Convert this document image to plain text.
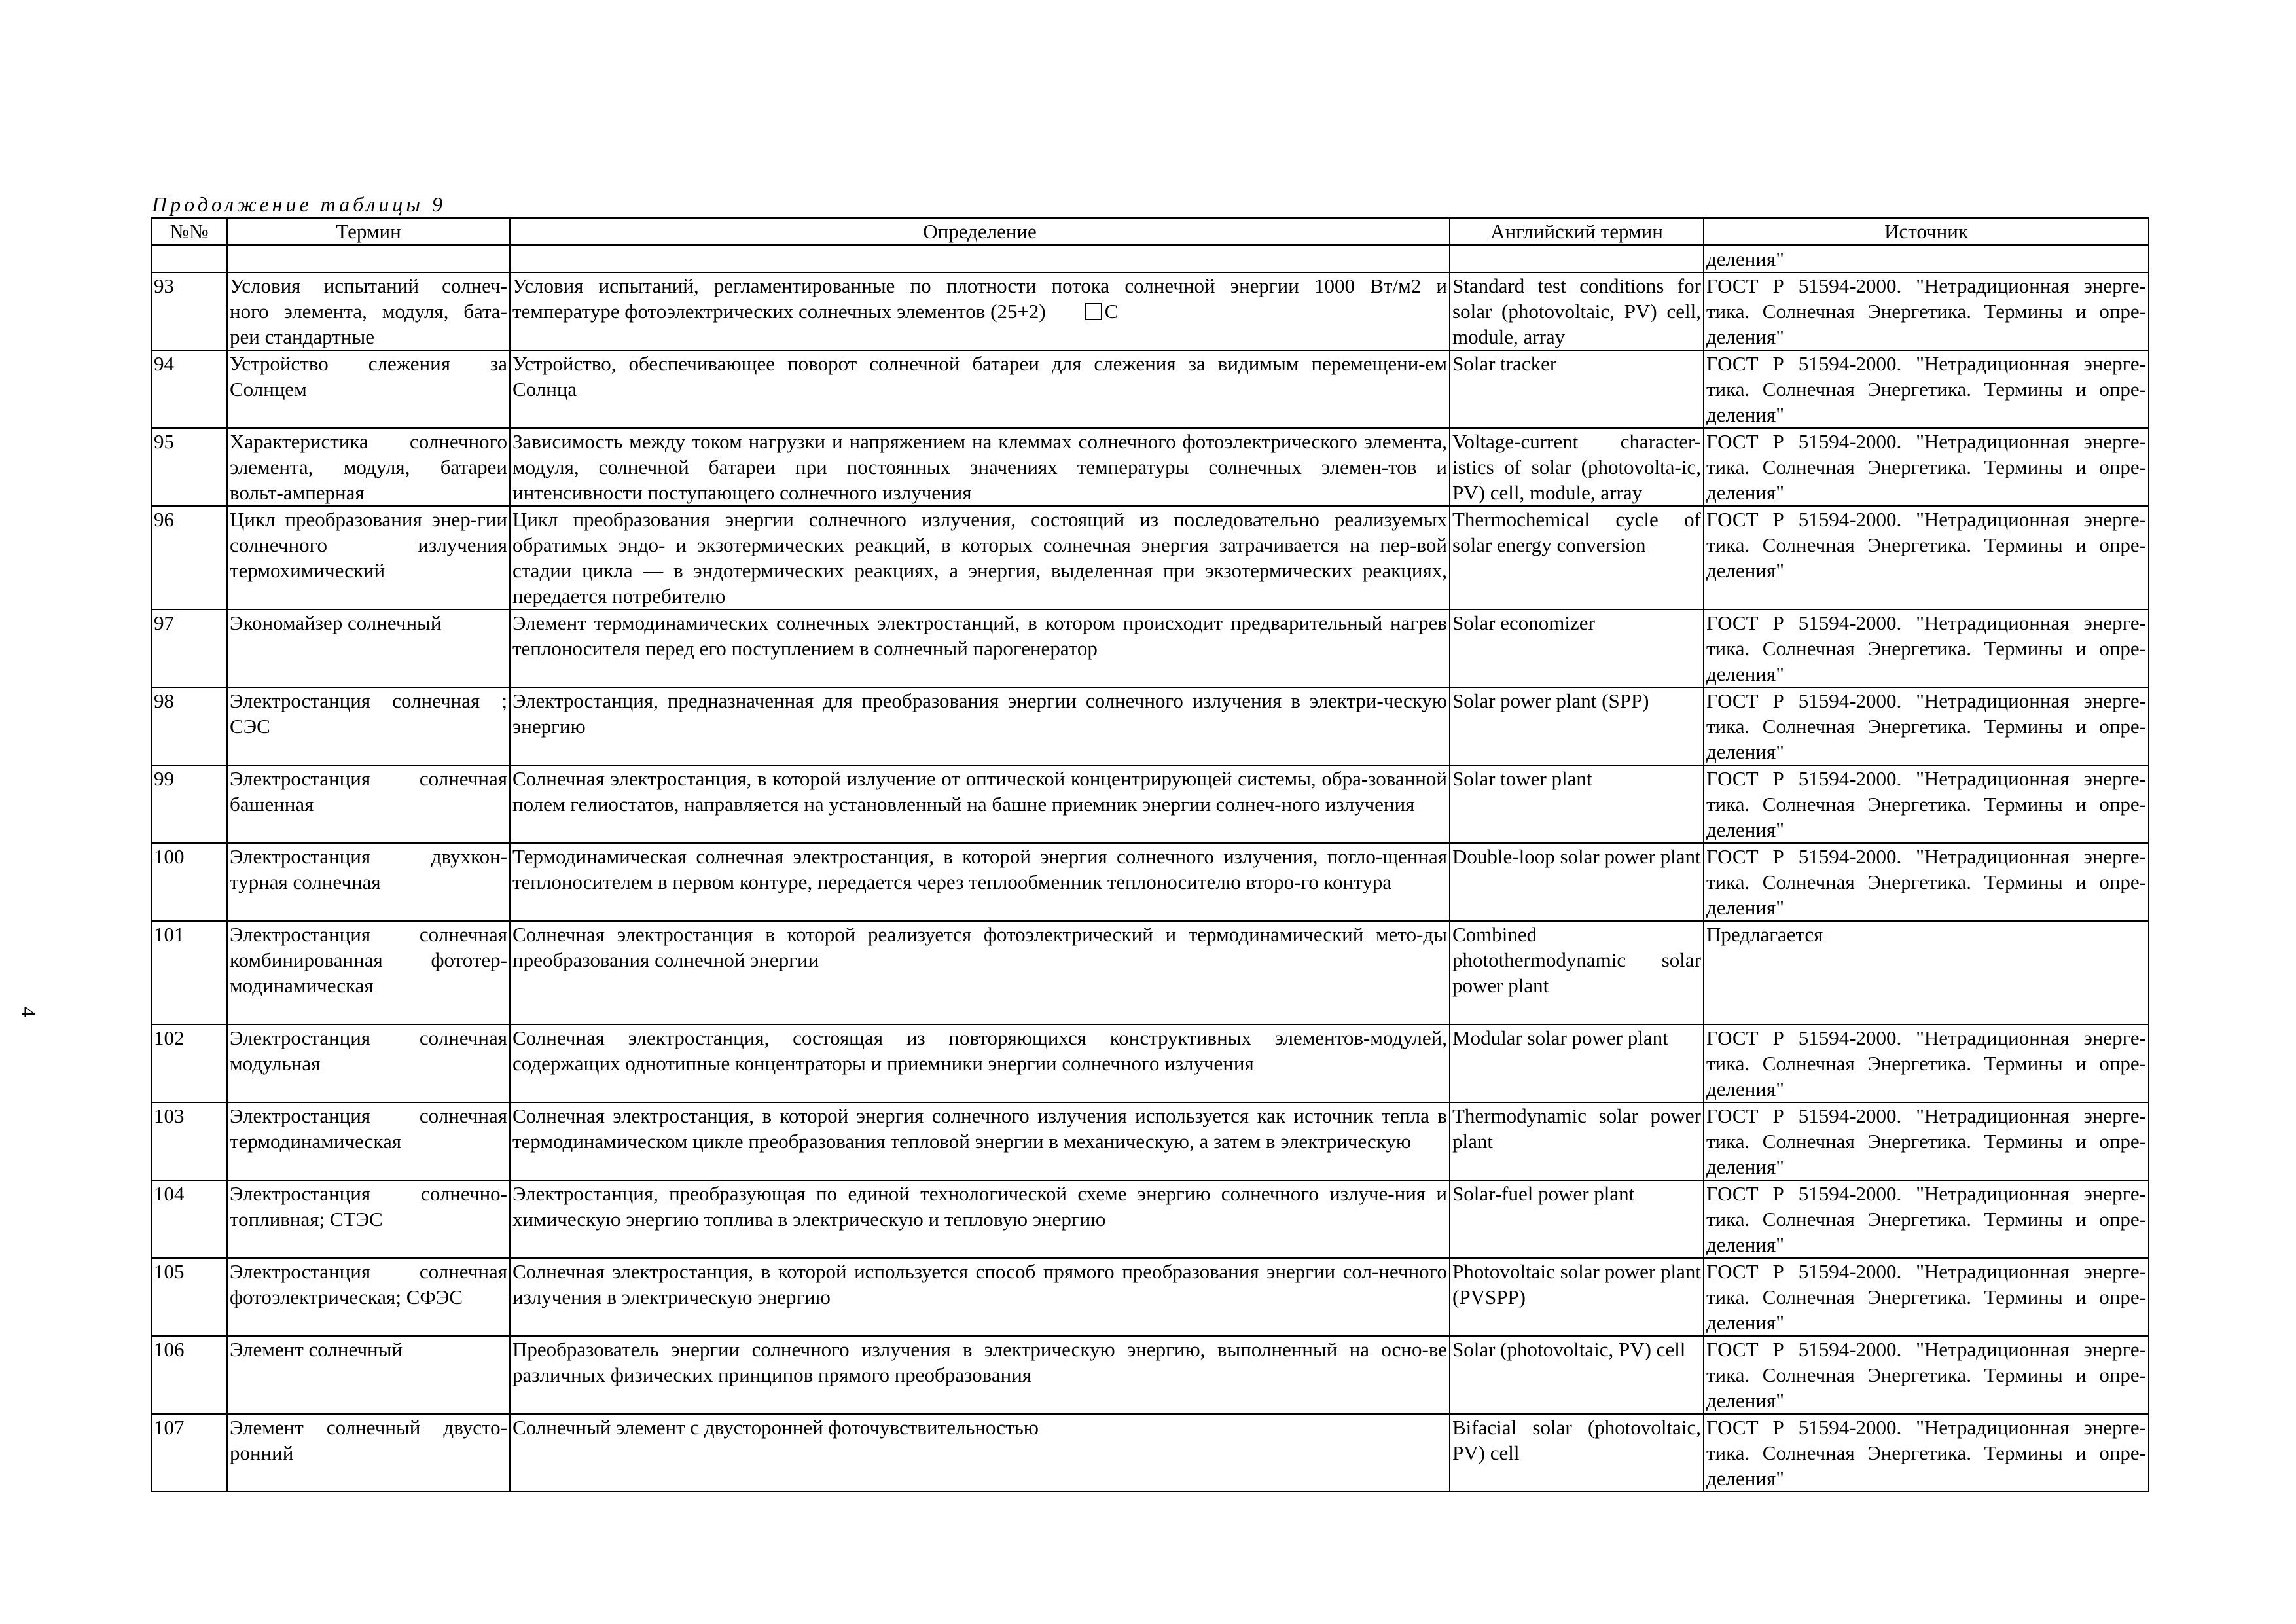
Продолжение таблицы 9
4
№№	Термин	Определение	Английский термин	Источник
				деления"
93	Условия испытаний солнеч-ного элемента, модуля, бата-реи стандартные	Условия испытаний, регламентированные по плотности потока солнечной энергии 1000 Вт/м2 и температуре фотоэлектрических солнечных элементов (25+2) С	Standard test conditions for solar (photovoltaic, PV) cell, module, array	ГОСТ Р 51594-2000. "Нетрадиционная энерге-тика. Солнечная Энергетика. Термины и опре-деления"
94	Устройство слежения за Солнцем	Устройство, обеспечивающее поворот солнечной батареи для слежения за видимым перемещени-ем Солнца	Solar tracker	ГОСТ Р 51594-2000. "Нетрадиционная энерге-тика. Солнечная Энергетика. Термины и опре-деления"
95	Характеристика солнечного элемента, модуля, батареи вольт-амперная	Зависимость между током нагрузки и напряжением на клеммах солнечного фотоэлектрического элемента, модуля, солнечной батареи при постоянных значениях температуры солнечных элемен-тов и интенсивности поступающего солнечного излучения	Voltage-current character-istics of solar (photovolta-ic, PV) cell, module, array	ГОСТ Р 51594-2000. "Нетрадиционная энерге-тика. Солнечная Энергетика. Термины и опре-деления"
96	Цикл преобразования энер-гии солнечного излучения термохимический	Цикл преобразования энергии солнечного излучения, состоящий из последовательно реализуемых обратимых эндо- и экзотермических реакций, в которых солнечная энергия затрачивается на пер-вой стадии цикла — в эндотермических реакциях, а энергия, выделенная при экзотермических реакциях, передается потребителю	Thermochemical cycle of solar energy conversion	ГОСТ Р 51594-2000. "Нетрадиционная энерге-тика. Солнечная Энергетика. Термины и опре-деления"
97	Экономайзер солнечный	Элемент термодинамических солнечных электростанций, в котором происходит предварительный нагрев теплоносителя перед его поступлением в солнечный парогенератор	Solar economizer	ГОСТ Р 51594-2000. "Нетрадиционная энерге-тика. Солнечная Энергетика. Термины и опре-деления"
98	Электростанция солнечная ; СЭС	Электростанция, предназначенная для преобразования энергии солнечного излучения в электри-ческую энергию	Solar power plant (SPP)	ГОСТ Р 51594-2000. "Нетрадиционная энерге-тика. Солнечная Энергетика. Термины и опре-деления"
99	Электростанция солнечная башенная	Солнечная электростанция, в которой излучение от оптической концентрирующей системы, обра-зованной полем гелиостатов, направляется на установленный на башне приемник энергии солнеч-ного излучения	Solar tower plant	ГОСТ Р 51594-2000. "Нетрадиционная энерге-тика. Солнечная Энергетика. Термины и опре-деления"
100	Электростанция двухкон-турная солнечная	Термодинамическая солнечная электростанция, в которой энергия солнечного излучения, погло-щенная теплоносителем в первом контуре, передается через теплообменник теплоносителю второ-го контура	Double-loop solar power plant	ГОСТ Р 51594-2000. "Нетрадиционная энерге-тика. Солнечная Энергетика. Термины и опре-деления"
101	Электростанция солнечная комбинированная фототер-модинамическая	Солнечная электростанция в которой реализуется фотоэлектрический и термодинамический мето-ды преобразования солнечной энергии	Combined photothermodynamic solar power plant	Предлагается
102	Электростанция солнечная модульная	Солнечная электростанция, состоящая из повторяющихся конструктивных элементов-модулей, содержащих однотипные концентраторы и приемники энергии солнечного излучения	Modular solar power plant	ГОСТ Р 51594-2000. "Нетрадиционная энерге-тика. Солнечная Энергетика. Термины и опре-деления"
103	Электростанция солнечная термодинамическая	Солнечная электростанция, в которой энергия солнечного излучения используется как источник тепла в термодинамическом цикле преобразования тепловой энергии в механическую, а затем в электрическую	Thermodynamic solar power plant	ГОСТ Р 51594-2000. "Нетрадиционная энерге-тика. Солнечная Энергетика. Термины и опре-деления"
104	Электростанция солнечно-топливная; СТЭС	Электростанция, преобразующая по единой технологической схеме энергию солнечного излуче-ния и химическую энергию топлива в электрическую и тепловую энергию	Solar-fuel power plant	ГОСТ Р 51594-2000. "Нетрадиционная энерге-тика. Солнечная Энергетика. Термины и опре-деления"
105	Электростанция солнечная фотоэлектрическая; СФЭС	Солнечная электростанция, в которой используется способ прямого преобразования энергии сол-нечного излучения в электрическую энергию	Photovoltaic solar power plant (PVSPP)	ГОСТ Р 51594-2000. "Нетрадиционная энерге-тика. Солнечная Энергетика. Термины и опре-деления"
106	Элемент солнечный	Преобразователь энергии солнечного излучения в электрическую энергию, выполненный на осно-ве различных физических принципов прямого преобразования	Solar (photovoltaic, PV) cell	ГОСТ Р 51594-2000. "Нетрадиционная энерге-тика. Солнечная Энергетика. Термины и опре-деления"
107	Элемент солнечный двусто-ронний	Солнечный элемент с двусторонней фоточувствительностью	Bifacial solar (photovoltaic, PV) cell	ГОСТ Р 51594-2000. "Нетрадиционная энерге-тика. Солнечная Энергетика. Термины и опре-деления"
